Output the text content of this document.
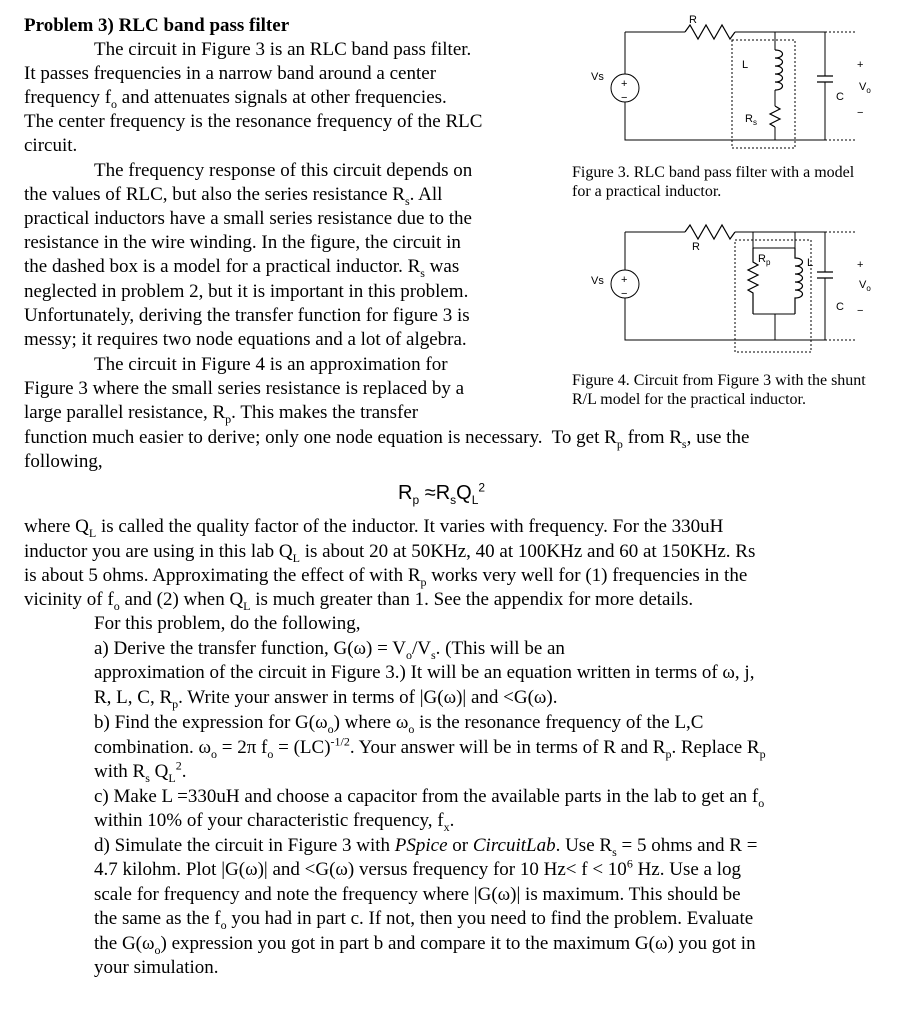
Problem 3) RLC band pass filter
The circuit in Figure 3 is an RLC band pass filter.
It passes frequencies in a narrow band around a center
frequency $f_o$ and attenuates signals at other frequencies.
The center frequency is the resonance frequency of the RLC
circuit.
The frequency response of this circuit depends on
the values of RLC, but also the series resistance $R_s$. All
practical inductors have a small series resistance due to the
resistance in the wire winding. In the figure, the circuit in
the dashed box is a model for a practical inductor. $R_s$ was
neglected in problem 2, but it is important in this problem.
Unfortunately, deriving the transfer function for figure 3 is
messy; it requires two node equations and a lot of algebra.
The circuit in Figure 4 is an approximation for
Figure 3 where the small series resistance is replaced by a
large parallel resistance, $R_p$. This makes the transfer
function much easier to derive; only one node equation is necessary. To get $R_p$ from $R_s$, use the
following,
$R_p \approx R_sQ_L^2$
where $Q_L$ is called the quality factor of the inductor. It varies with frequency. For the 330uH
inductor you are using in this lab $Q_L$ is about 20 at 50KHz, 40 at 100KHz and 60 at 150KHz. Rs
is about 5 ohms. Approximating the effect of with $R_p$ works very well for (1) frequencies in the
vicinity of $f_o$ and (2) when $Q_L$ is much greater than 1. See the appendix for more details.
For this problem, do the following,
a) Derive the transfer function, $G(\omega) = V_o/V_s$. (This will be an
approximation of the circuit in Figure 3.) It will be an equation written in terms of ω, j,
R, L, C, $R_p$. Write your answer in terms of |G(ω)| and <G(ω).
b) Find the expression for $G(\omega_o)$ where $\omega_o$ is the resonance frequency of the L,C
combination. $\omega_o = 2\pi$ $f_o = (LC)^{-1/2}$. Your answer will be in terms of R and $R_p$. Replace $R_p$
with $R_s$ $Q_L^2$.
c) Make L =330uH and choose a capacitor from the available parts in the lab to get an $f_o$
within 10% of your characteristic frequency, $f_x$.
d) Simulate the circuit in Figure 3 with PSpice or CircuitLab. Use $R_s = 5$ ohms and R =
4.7 kilohm. Plot |G(ω)| and <G(ω) versus frequency for 10 $Hz< f < 10^6$ Hz. Use a log
scale for frequency and note the frequency where |G(ω)| is maximum. This should be
the same as the $f_o$ you had in part c. If not, then you need to find the problem. Evaluate
the $G(\omega_o)$ expression you got in part b and compare it to the maximum G(ω) you got in
your simulation.
R
L
C
Vs
$R_s$
$V_o$
+
−
+
−
Figure 3. RLC band pass filter with a model
for a practical inductor.
R
L
C
Vs
$R_p$
$V_o$
+
−
+
−
Figure 4. Circuit from Figure 3 with the shunt
R/L model for the practical inductor.
